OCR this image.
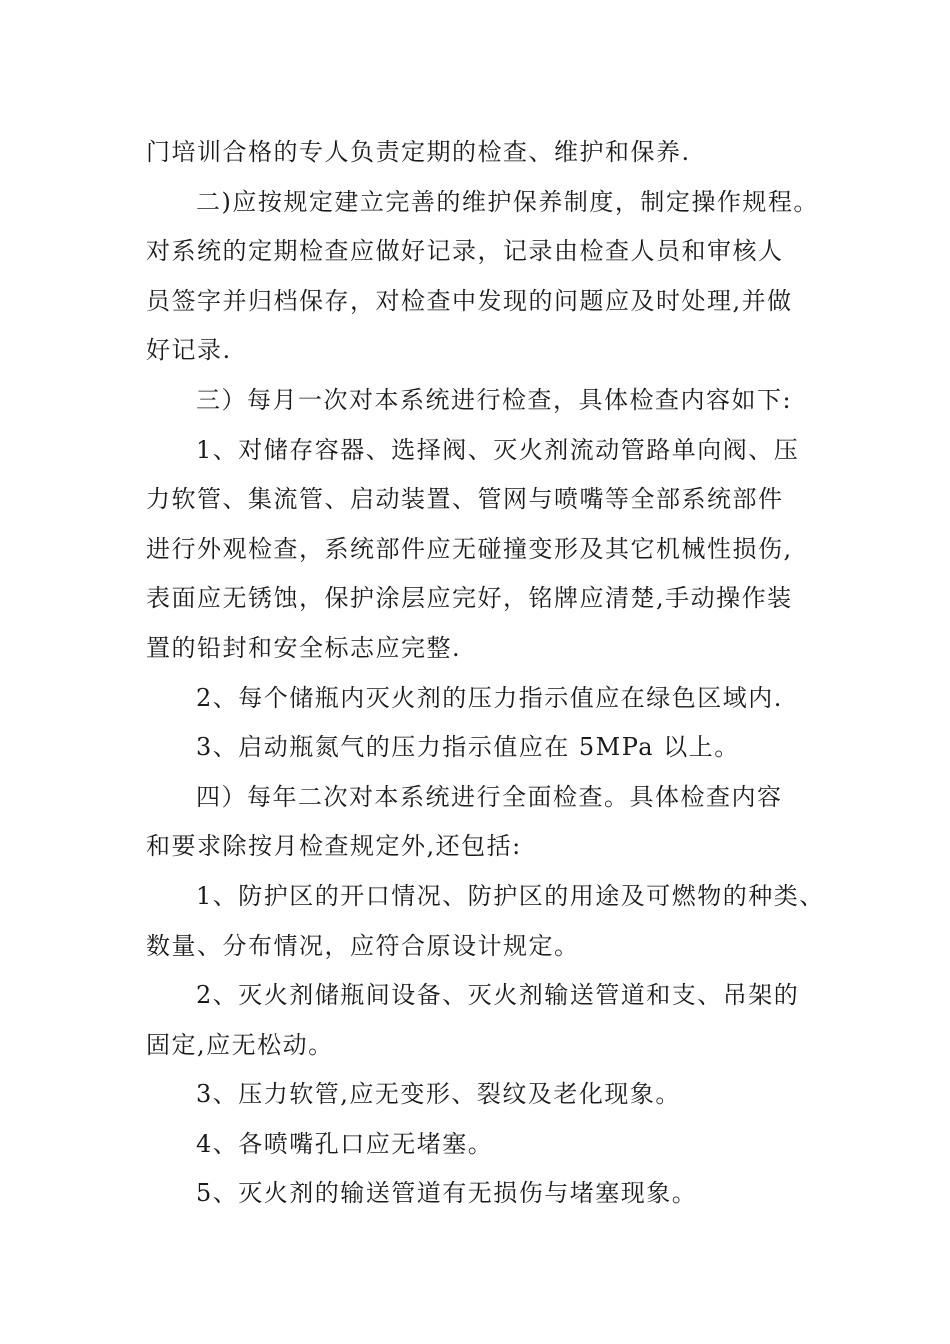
门培训合格的专人负责定期的检查、维护和保养.
二)应按规定建立完善的维护保养制度，制定操作规程。
对系统的定期检查应做好记录，记录由检查人员和审核人
员签字并归档保存，对检查中发现的问题应及时处理,并做
好记录.
三）每月一次对本系统进行检查，具体检查内容如下:
1、对储存容器、选择阀、灭火剂流动管路单向阀、压
力软管、集流管、启动装置、管网与喷嘴等全部系统部件
进行外观检查，系统部件应无碰撞变形及其它机械性损伤,
表面应无锈蚀，保护涂层应完好，铭牌应清楚,手动操作装
置的铅封和安全标志应完整.
2、每个储瓶内灭火剂的压力指示值应在绿色区域内.
3、启动瓶氮气的压力指示值应在 5MPa 以上。
四）每年二次对本系统进行全面检查。具体检查内容
和要求除按月检查规定外,还包括:
1、防护区的开口情况、防护区的用途及可燃物的种类、
数量、分布情况，应符合原设计规定。
2、灭火剂储瓶间设备、灭火剂输送管道和支、吊架的
固定,应无松动。
3、压力软管,应无变形、裂纹及老化现象。
4、各喷嘴孔口应无堵塞。
5、灭火剂的输送管道有无损伤与堵塞现象。
